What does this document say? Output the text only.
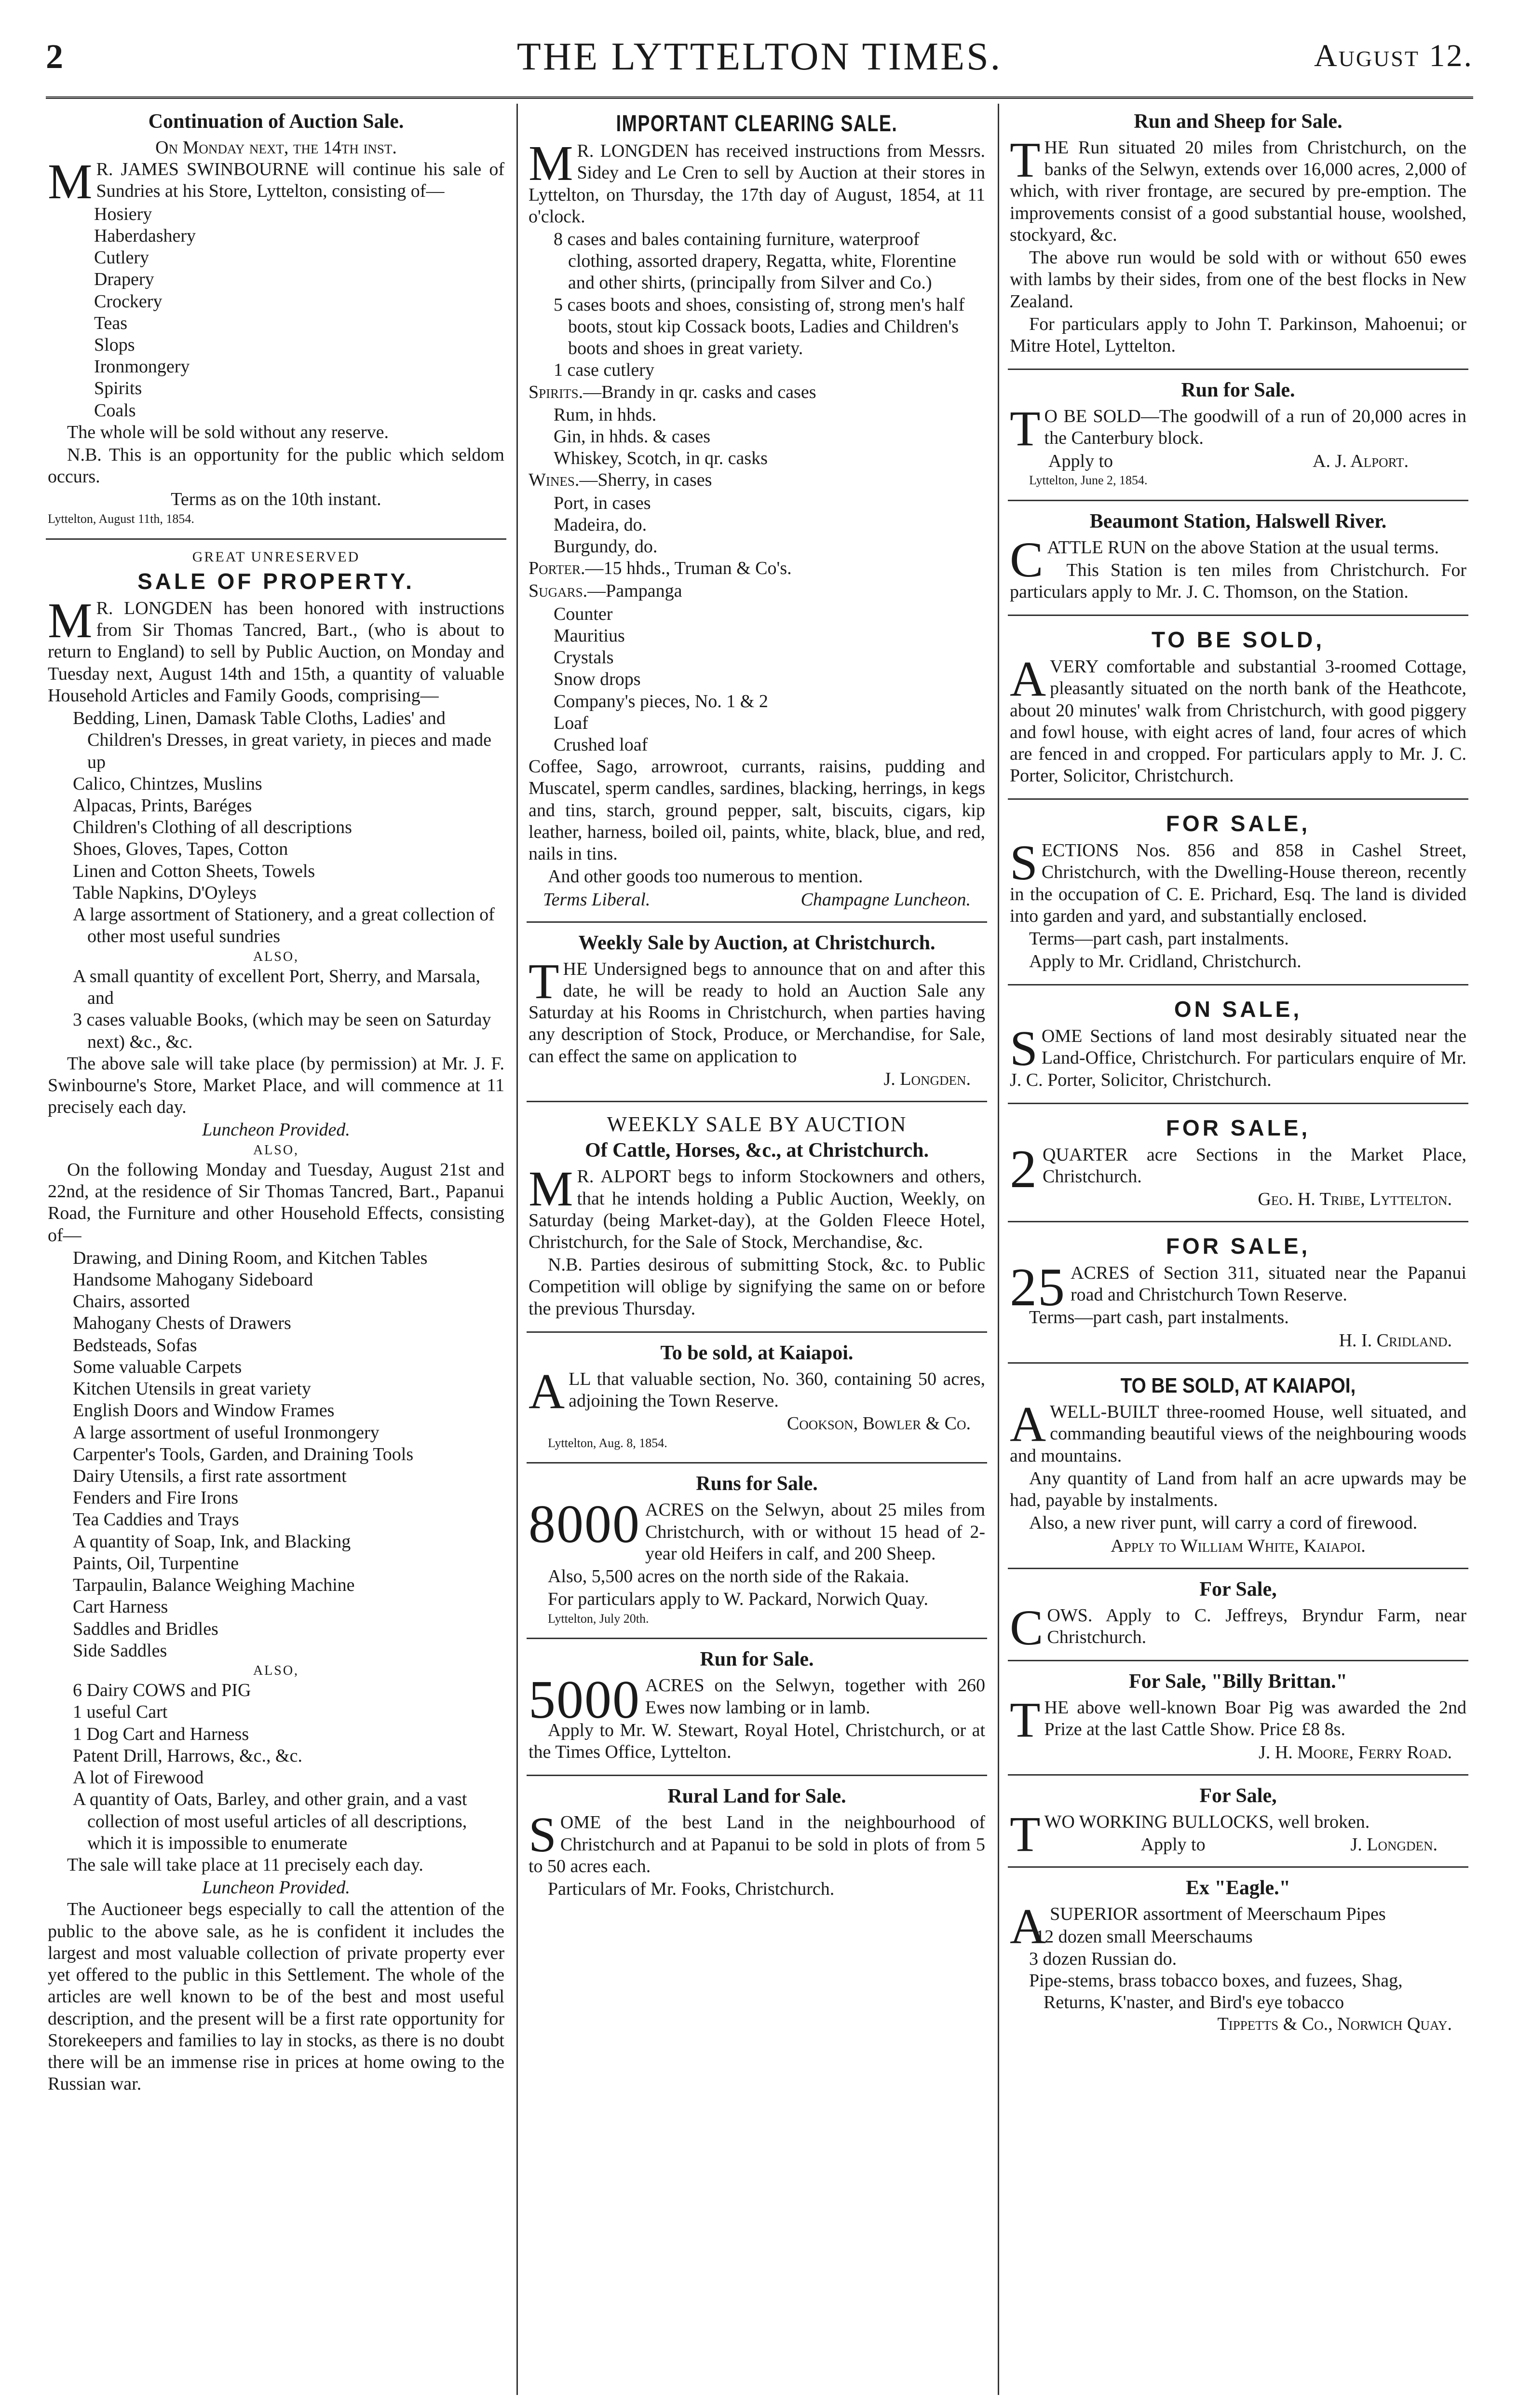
2	THE LYTTELTON TIMES.	August 12.
Continuation of Auction Sale.
On Monday next, the 14th inst.
M R. JAMES SWINBOURNE will continue his sale of Sundries at his Store, Lyttelton, consisting of—
Hosiery
Haberdashery
Cutlery
Drapery
Crockery
Teas
Slops
Ironmongery
Spirits
Coals
The whole will be sold without any reserve.
N.B. This is an opportunity for the public which seldom occurs.
Terms as on the 10th instant.
Lyttelton, August 11th, 1854.
GREAT UNRESERVED
SALE OF PROPERTY.
M R. LONGDEN has been honored with instructions from Sir Thomas Tancred, Bart., (who is about to return to England) to sell by Public Auction, on Monday and Tuesday next, August 14th and 15th, a quantity of valuable Household Articles and Family Goods, comprising—
Bedding, Linen, Damask Table Cloths, Ladies' and Children's Dresses, in great variety, in pieces and made up
Calico, Chintzes, Muslins
Alpacas, Prints, Baréges
Children's Clothing of all descriptions
Shoes, Gloves, Tapes, Cotton
Linen and Cotton Sheets, Towels
Table Napkins, D'Oyleys
A large assortment of Stationery, and a great collection of other most useful sundries
ALSO,
A small quantity of excellent Port, Sherry, and Marsala, and
3 cases valuable Books, (which may be seen on Saturday next) &c., &c.
The above sale will take place (by permission) at Mr. J. F. Swinbourne's Store, Market Place, and will commence at 11 precisely each day.
Luncheon Provided.
ALSO,
On the following Monday and Tuesday, August 21st and 22nd, at the residence of Sir Thomas Tancred, Bart., Papanui Road, the Furniture and other Household Effects, consisting of—
Drawing, and Dining Room, and Kitchen Tables
Handsome Mahogany Sideboard
Chairs, assorted
Mahogany Chests of Drawers
Bedsteads, Sofas
Some valuable Carpets
Kitchen Utensils in great variety
English Doors and Window Frames
A large assortment of useful Ironmongery
Carpenter's Tools, Garden, and Draining Tools
Dairy Utensils, a first rate assortment
Fenders and Fire Irons
Tea Caddies and Trays
A quantity of Soap, Ink, and Blacking
Paints, Oil, Turpentine
Tarpaulin, Balance Weighing Machine
Cart Harness
Saddles and Bridles
Side Saddles
ALSO,
6 Dairy COWS and PIG
1 useful Cart
1 Dog Cart and Harness
Patent Drill, Harrows, &c., &c.
A lot of Firewood
A quantity of Oats, Barley, and other grain, and a vast collection of most useful articles of all descriptions, which it is impossible to enumerate
The sale will take place at 11 precisely each day.
Luncheon Provided.
The Auctioneer begs especially to call the attention of the public to the above sale, as he is confident it includes the largest and most valuable collection of private property ever yet offered to the public in this Settlement. The whole of the articles are well known to be of the best and most useful description, and the present will be a first rate opportunity for Storekeepers and families to lay in stocks, as there is no doubt there will be an immense rise in prices at home owing to the Russian war.
IMPORTANT CLEARING SALE.
M R. LONGDEN has received instructions from Messrs. Sidey and Le Cren to sell by Auction at their stores in Lyttelton, on Thursday, the 17th day of August, 1854, at 11 o'clock.
8 cases and bales containing furniture, waterproof clothing, assorted drapery, Regatta, white, Florentine and other shirts, (principally from Silver and Co.)
5 cases boots and shoes, consisting of, strong men's half boots, stout kip Cossack boots, Ladies and Children's boots and shoes in great variety.
1 case cutlery
Spirits.—Brandy in qr. casks and cases
Rum, in hhds.
Gin, in hhds. & cases
Whiskey, Scotch, in qr. casks
Wines.—Sherry, in cases
Port, in cases
Madeira, do.
Burgundy, do.
Porter.—15 hhds., Truman & Co's.
Sugars.—Pampanga
Counter
Mauritius
Crystals
Snow drops
Company's pieces, No. 1 & 2
Loaf
Crushed loaf
Coffee, Sago, arrowroot, currants, raisins, pudding and Muscatel, sperm candles, sardines, blacking, herrings, in kegs and tins, starch, ground pepper, salt, biscuits, cigars, kip leather, harness, boiled oil, paints, white, black, blue, and red, nails in tins.
And other goods too numerous to mention.
Terms Liberal.	Champagne Luncheon.
Weekly Sale by Auction, at Christchurch.
THE Undersigned begs to announce that on and after this date, he will be ready to hold an Auction Sale any Saturday at his Rooms in Christchurch, when parties having any description of Stock, Produce, or Merchandise, for Sale, can effect the same on application to
J. Longden.
WEEKLY SALE BY AUCTION
Of Cattle, Horses, &c., at Christchurch.
M R. ALPORT begs to inform Stockowners and others, that he intends holding a Public Auction, Weekly, on Saturday (being Market-day), at the Golden Fleece Hotel, Christchurch, for the Sale of Stock, Merchandise, &c.
N.B. Parties desirous of submitting Stock, &c. to Public Competition will oblige by signifying the same on or before the previous Thursday.
To be sold, at Kaiapoi.
ALL that valuable section, No. 360, containing 50 acres, adjoining the Town Reserve.
Cookson, Bowler & Co.
Lyttelton, Aug. 8, 1854.
Runs for Sale.
8000 ACRES on the Selwyn, about 25 miles from Christchurch, with or without 15 head of 2-year old Heifers in calf, and 200 Sheep.
Also, 5,500 acres on the north side of the Rakaia.
For particulars apply to W. Packard, Norwich Quay.
Lyttelton, July 20th.
Run for Sale.
5000 ACRES on the Selwyn, together with 260 Ewes now lambing or in lamb.
Apply to Mr. W. Stewart, Royal Hotel, Christchurch, or at the Times Office, Lyttelton.
Rural Land for Sale.
SOME of the best Land in the neighbourhood of Christchurch and at Papanui to be sold in plots of from 5 to 50 acres each.
Particulars of Mr. Fooks, Christchurch.
Run and Sheep for Sale.
THE Run situated 20 miles from Christchurch, on the banks of the Selwyn, extends over 16,000 acres, 2,000 of which, with river frontage, are secured by pre-emption. The improvements consist of a good substantial house, woolshed, stockyard, &c.
The above run would be sold with or without 650 ewes with lambs by their sides, from one of the best flocks in New Zealand.
For particulars apply to John T. Parkinson, Mahoenui; or Mitre Hotel, Lyttelton.
Run for Sale.
T O BE SOLD—The goodwill of a run of 20,000 acres in the Canterbury block.
Apply to	A. J. Alport.
Lyttelton, June 2, 1854.
Beaumont Station, Halswell River.
CATTLE RUN on the above Station at the usual terms.
This Station is ten miles from Christchurch. For particulars apply to Mr. J. C. Thomson, on the Station.
TO BE SOLD,
AVERY comfortable and substantial 3-roomed Cottage, pleasantly situated on the north bank of the Heathcote, about 20 minutes' walk from Christchurch, with good piggery and fowl house, with eight acres of land, four acres of which are fenced in and cropped. For particulars apply to Mr. J. C. Porter, Solicitor, Christchurch.
FOR SALE,
SECTIONS Nos. 856 and 858 in Cashel Street, Christchurch, with the Dwelling-House thereon, recently in the occupation of C. E. Prichard, Esq. The land is divided into garden and yard, and substantially enclosed.
Terms—part cash, part instalments.
Apply to Mr. Cridland, Christchurch.
ON SALE,
SOME Sections of land most desirably situated near the Land-Office, Christchurch. For particulars enquire of Mr. J. C. Porter, Solicitor, Christchurch.
FOR SALE,
2 QUARTER acre Sections in the Market Place, Christchurch.
Geo. H. Tribe, Lyttelton.
FOR SALE,
25 ACRES of Section 311, situated near the Papanui road and Christchurch Town Reserve.
Terms—part cash, part instalments.
H. I. Cridland.
TO BE SOLD, AT KAIAPOI,
AWELL-BUILT three-roomed House, well situated, and commanding beautiful views of the neighbouring woods and mountains.
Any quantity of Land from half an acre upwards may be had, payable by instalments.
Also, a new river punt, will carry a cord of firewood.
Apply to William White, Kaiapoi.
For Sale,
COWS. Apply to C. Jeffreys, Bryndur Farm, near Christchurch.
For Sale, "Billy Brittan."
THE above well-known Boar Pig was awarded the 2nd Prize at the last Cattle Show. Price £8 8s.
J. H. Moore, Ferry Road.
For Sale,
TWO WORKING BULLOCKS, well broken.
Apply to	J. Longden.
Ex "Eagle."
ASUPERIOR assortment of Meerschaum Pipes
12 dozen small Meerschaums
3 dozen Russian do.
Pipe-stems, brass tobacco boxes, and fuzees, Shag, Returns, K'naster, and Bird's eye tobacco
Tippetts & Co., Norwich Quay.
